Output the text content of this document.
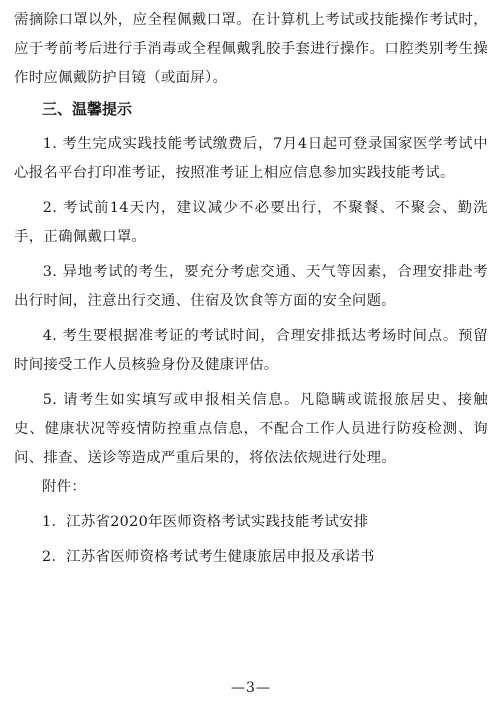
需摘除口罩以外，应全程佩戴口罩。在计算机上考试或技能操作考试时，应于考前考后进行手消毒或全程佩戴乳胶手套进行操作。口腔类别考生操作时应佩戴防护目镜（或面屏）。

三、温馨提示

1. 考生完成实践技能考试缴费后，7月4日起可登录国家医学考试中心报名平台打印准考证，按照准考证上相应信息参加实践技能考试。

2. 考试前14天内，建议减少不必要出行，不聚餐、不聚会、勤洗手，正确佩戴口罩。

3. 异地考试的考生，要充分考虑交通、天气等因素，合理安排赴考出行时间，注意出行交通、住宿及饮食等方面的安全问题。

4. 考生要根据准考证的考试时间，合理安排抵达考场时间点。预留时间接受工作人员核验身份及健康评估。

5. 请考生如实填写或申报相关信息。凡隐瞒或谎报旅居史、接触史、健康状况等疫情防控重点信息，不配合工作人员进行防疫检测、询问、排查、送诊等造成严重后果的，将依法依规进行处理。

附件：

1．江苏省2020年医师资格考试实践技能考试安排

2．江苏省医师资格考试考生健康旅居申报及承诺书

—3—
